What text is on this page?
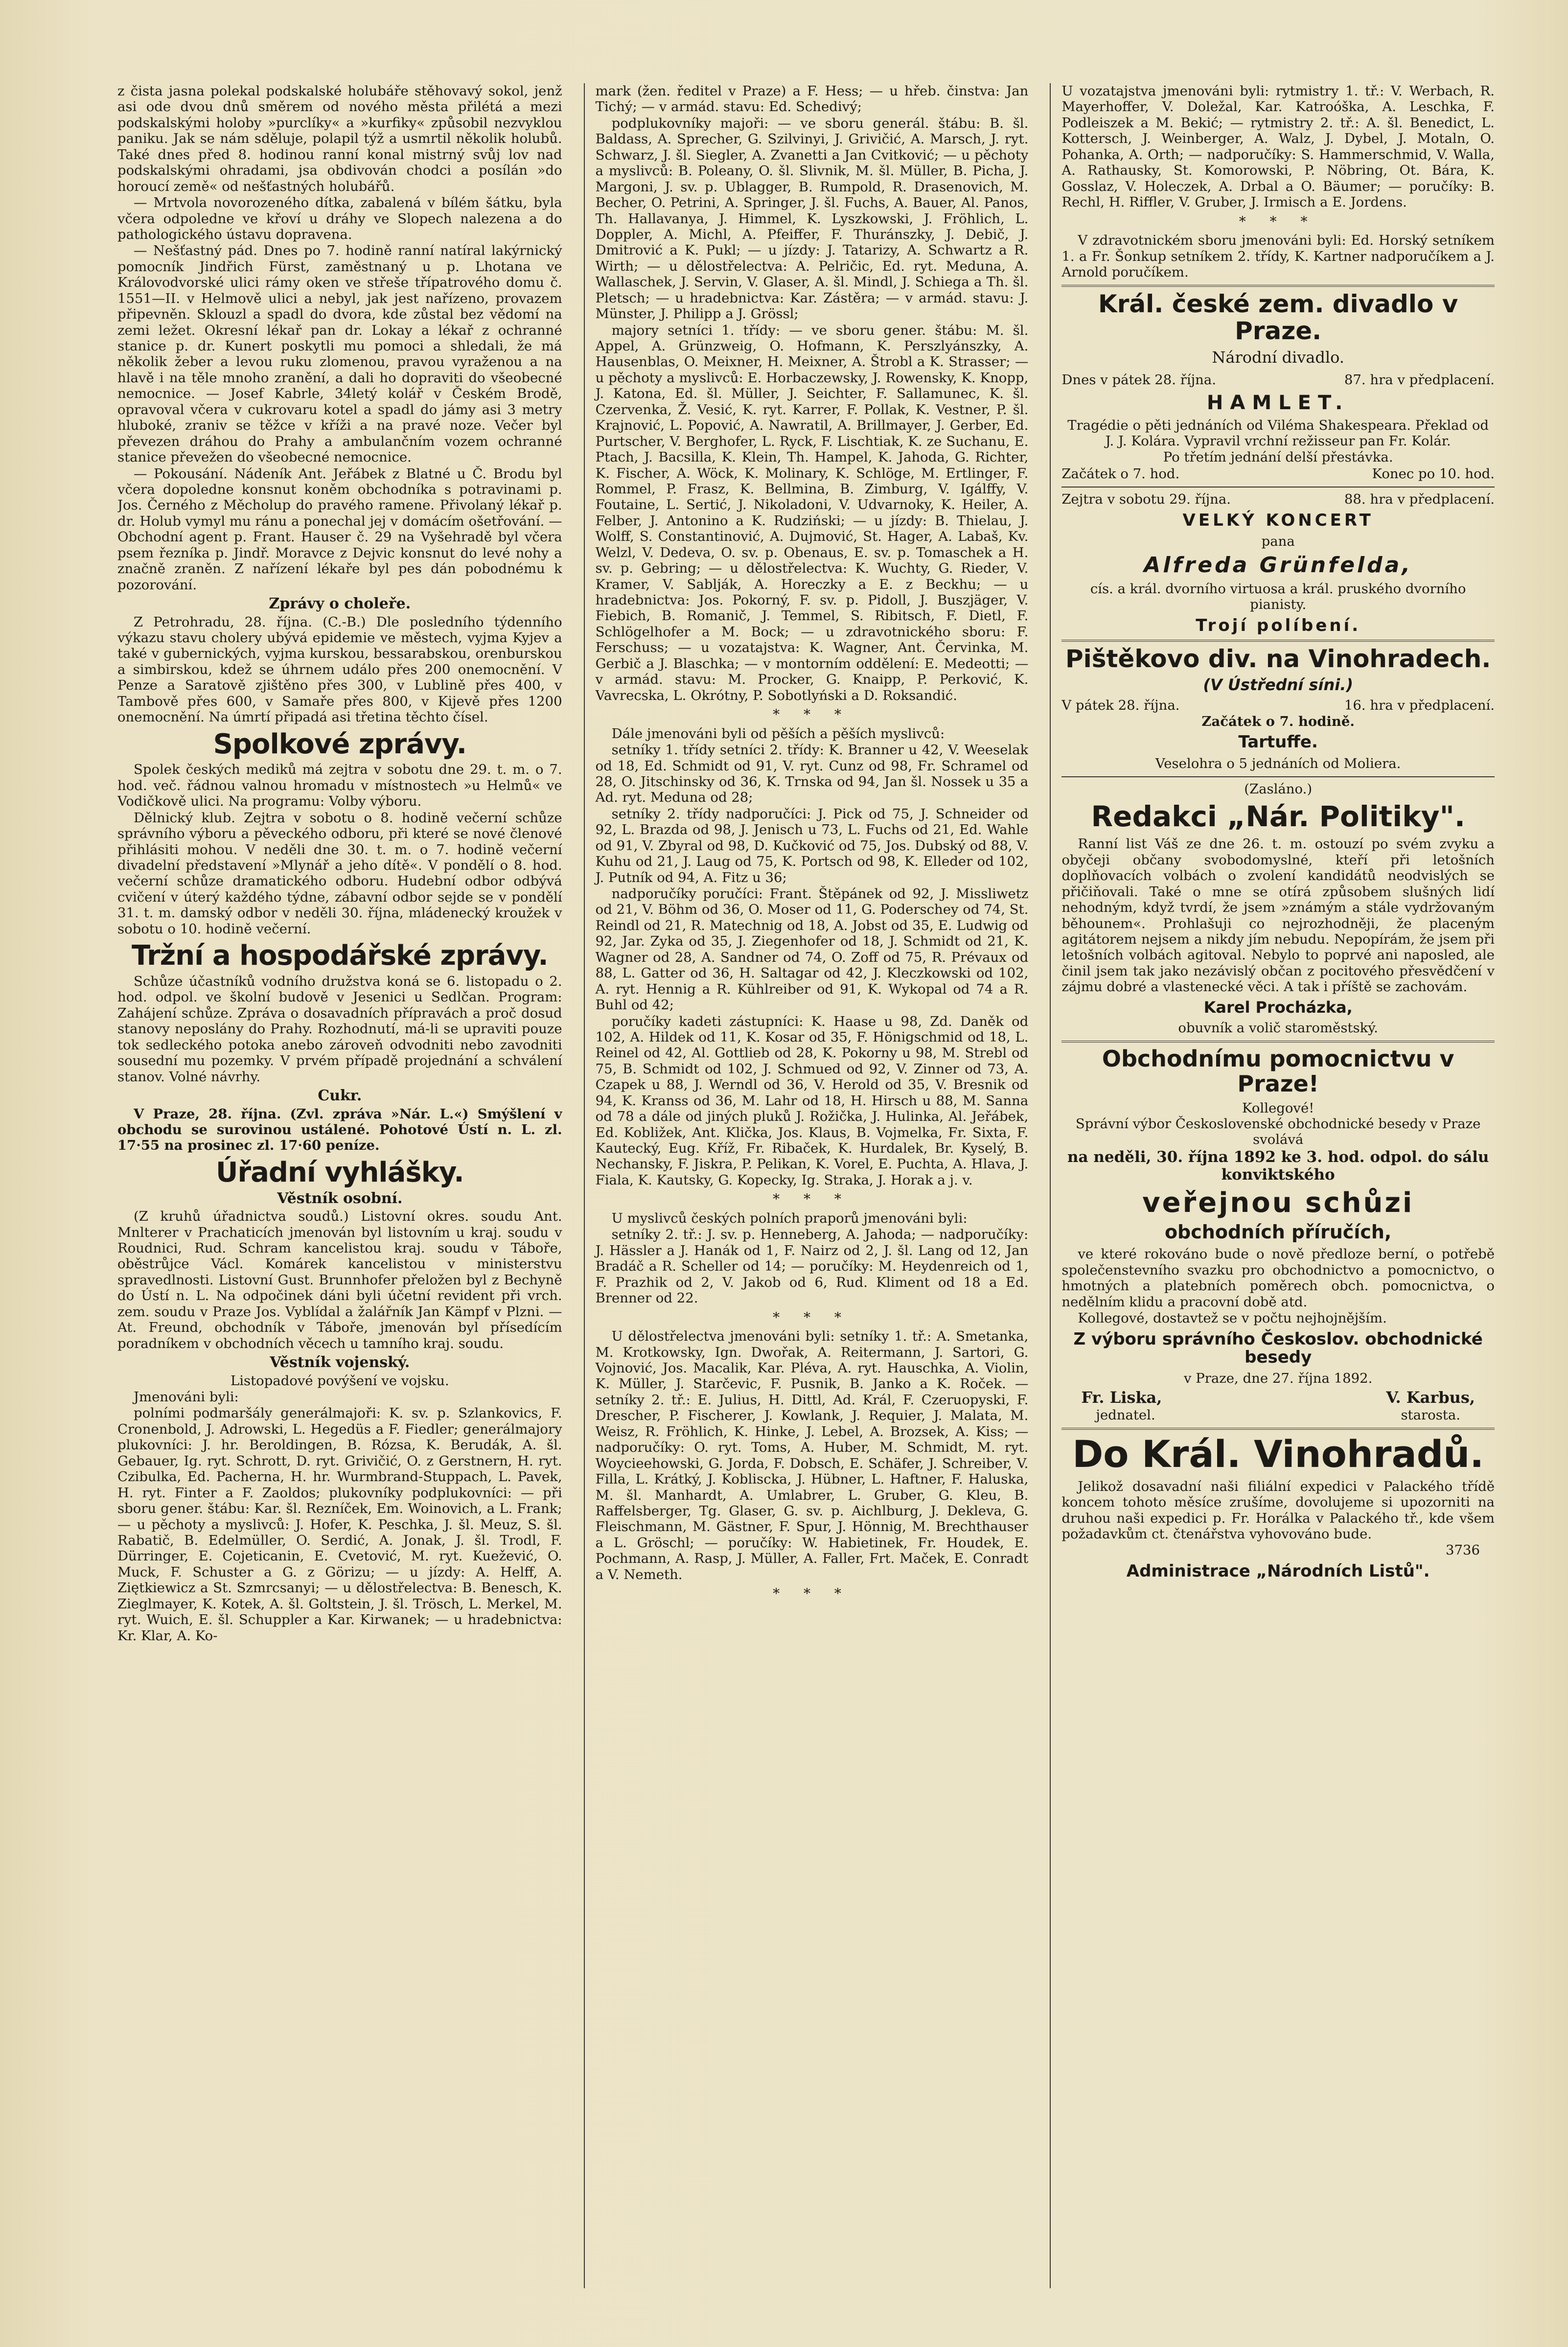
z čista jasna polekal podskalské holubáře stěhovavý sokol, jenž asi ode dvou dnů směrem od nového města přilétá a mezi podskalskými holoby »purclíky« a »kurfiky« způsobil nezvyklou paniku. Jak se nám sděluje, polapil týž a usmrtil několik holubů. Také dnes před 8. hodinou ranní konal mistrný svůj lov nad podskalskými ohradami, jsa obdivován chodci a posílán »do horoucí země« od nešťastných holubářů.

— Mrtvola novorozeného dítka, zabalená v bílém šátku, byla včera odpoledne ve křoví u dráhy ve Slopech nalezena a do pathologického ústavu dopravena.

— Nešťastný pád. Dnes po 7. hodině ranní natíral lakýrnický pomocník Jindřich Fürst, zaměstnaný u p. Lhotana ve Královodvorské ulici rámy oken ve střeše třípatrového domu č. 1551—II. v Helmově ulici a nebyl, jak jest nařízeno, provazem připevněn. Sklouzl a spadl do dvora, kde zůstal bez vědomí na zemi ležet. Okresní lékař pan dr. Lokay a lékař z ochranné stanice p. dr. Kunert poskytli mu pomoci a shledali, že má několik žeber a levou ruku zlomenou, pravou vyraženou a na hlavě i na těle mnoho zranění, a dali ho dopraviti do všeobecné nemocnice. — Josef Kabrle, 34letý kolář v Českém Brodě, opravoval včera v cukrovaru kotel a spadl do jámy asi 3 metry hluboké, zraniv se těžce v kříži a na pravé noze. Večer byl převezen dráhou do Prahy a ambulančním vozem ochranné stanice převežen do všeobecné nemocnice.

— Pokousání. Nádeník Ant. Jeřábek z Blatné u Č. Brodu byl včera dopoledne konsnut koněm obchodníka s potravinami p. Jos. Černého z Měcholup do pravého ramene. Přivolaný lékař p. dr. Holub vymyl mu ránu a ponechal jej v domácím ošetřování. — Obchodní agent p. Frant. Hauser č. 29 na Vyšehradě byl včera psem řezníka p. Jindř. Moravce z Dejvic konsnut do levé nohy a značně zraněn. Z nařízení lékaře byl pes dán pobodnému k pozorování.

Zprávy o choleře.

Z Petrohradu, 28. října. (C.-B.) Dle posledního týdenního výkazu stavu cholery ubývá epidemie ve městech, vyjma Kyjev a také v gubernických, vyjma kurskou, bessarabskou, orenburskou a simbirskou, kdež se úhrnem událo přes 200 onemocnění. V Penze a Saratově zjištěno přes 300, v Lublině přes 400, v Tambově přes 600, v Samaře přes 800, v Kijevě přes 1200 onemocnění. Na úmrtí připadá asi třetina těchto čísel.

Spolkové zprávy.

Spolek českých mediků má zejtra v sobotu dne 29. t. m. o 7. hod. več. řádnou valnou hromadu v místnostech »u Helmů« ve Vodičkově ulici. Na programu: Volby výboru.

Dělnický klub. Zejtra v sobotu o 8. hodině večerní schůze správního výboru a pěveckého odboru, při které se nové členové přihlásiti mohou. V neděli dne 30. t. m. o 7. hodině večerní divadelní představení »Mlynář a jeho dítě«. V pondělí o 8. hod. večerní schůze dramatického odboru. Hudební odbor odbývá cvičení v úterý každého týdne, zábavní odbor sejde se v pondělí 31. t. m. damský odbor v neděli 30. října, mládenecký kroužek v sobotu o 10. hodině večerní.

Tržní a hospodářské zprávy.

Schůze účastníků vodního družstva koná se 6. listopadu o 2. hod. odpol. ve školní budově v Jesenici u Sedlčan. Program: Zahájení schůze. Zpráva o dosavadních přípravách a proč dosud stanovy neposlány do Prahy. Rozhodnutí, má-li se upraviti pouze tok sedleckého potoka anebo zároveň odvodniti nebo zavodniti sousední mu pozemky. V prvém případě projednání a schválení stanov. Volné návrhy.

Cukr.

V Praze, 28. října. (Zvl. zpráva »Nár. L.«) Smýšlení v obchodu se surovinou ustálené. Pohotové Ústí n. L. zl. 17·55 na prosinec zl. 17·60 peníze.

Úřadní vyhlášky.
Věstník osobní.

(Z kruhů úřadnictva soudů.) Listovní okres. soudu Ant. Mnlterer v Prachaticích jmenován byl listovním u kraj. soudu v Roudnici, Rud. Schram kancelistou kraj. soudu v Táboře, oběstrůjce Václ. Komárek kancelistou v ministerstvu spravedlnosti. Listovní Gust. Brunnhofer přeložen byl z Bechyně do Ústí n. L. Na odpočinek dáni byli účetní revident při vrch. zem. soudu v Praze Jos. Vyblídal a žalářník Jan Kämpf v Plzni. — At. Freund, obchodník v Táboře, jmenován byl přísedícím poradníkem v obchodních věcech u tamního kraj. soudu.

Věstník vojenský.

Listopadové povýšení ve vojsku.

Jmenováni byli:

polními podmaršály generálmajoři: K. sv. p. Szlankovics, F. Cronenbold, J. Adrowski, L. Hegedüs a F. Fiedler; generálmajory plukovníci: J. hr. Beroldingen, B. Rózsa, K. Berudák, A. šl. Gebauer, Ig. ryt. Schrott, D. ryt. Grivičić, O. z Gerstnern, H. ryt. Czibulka, Ed. Pacherna, H. hr. Wurmbrand-Stuppach, L. Pavek, H. ryt. Finter a F. Zaoldos; plukovníky podplukovníci: — při sboru gener. štábu: Kar. šl. Rezníček, Em. Woinovich, a L. Frank; — u pěchoty a myslivců: J. Hofer, K. Peschka, J. šl. Meuz, S. šl. Rabatič, B. Edelmüller, O. Serdić, A. Jonak, J. šl. Trodl, F. Dürringer, E. Cojeticanin, E. Cvetović, M. ryt. Kuežević, O. Muck, F. Schuster a G. z Görizu; — u jízdy: A. Helff, A. Ziętkiewicz a St. Szmrcsanyi; — u dělostřelectva: B. Benesch, K. Zieglmayer, K. Kotek, A. šl. Goltstein, J. šl. Trösch, L. Merkel, M. ryt. Wuich, E. šl. Schuppler a Kar. Kirwanek; — u hradebnictva: Kr. Klar, A. Ko-

mark (žen. ředitel v Praze) a F. Hess; — u hřeb. činstva: Jan Tichý; — v armád. stavu: Ed. Schedivý;

podplukovníky majoři: — ve sboru generál. štábu: B. šl. Baldass, A. Sprecher, G. Szilvinyi, J. Grivičić, A. Marsch, J. ryt. Schwarz, J. šl. Siegler, A. Zvanetti a Jan Cvitković; — u pěchoty a myslivců: B. Poleany, O. šl. Slivnik, M. šl. Müller, B. Picha, J. Margoni, J. sv. p. Ublagger, B. Rumpold, R. Drasenovich, M. Becher, O. Petrini, A. Springer, J. šl. Fuchs, A. Bauer, Al. Panos, Th. Hallavanya, J. Himmel, K. Lyszkowski, J. Fröhlich, L. Doppler, A. Michl, A. Pfeiffer, F. Thuránszky, J. Debič, J. Dmitrović a K. Pukl; — u jízdy: J. Tatarizy, A. Schwartz a R. Wirth; — u dělostřelectva: A. Pelričic, Ed. ryt. Meduna, A. Wallaschek, J. Servin, V. Glaser, A. šl. Mindl, J. Schiega a Th. šl. Pletsch; — u hradebnictva: Kar. Zástěra; — v armád. stavu: J. Münster, J. Philipp a J. Grössl;

majory setníci 1. třídy: — ve sboru gener. štábu: M. šl. Appel, A. Grünzweig, O. Hofmann, K. Perszlyánszky, A. Hausenblas, O. Meixner, H. Meixner, A. Štrobl a K. Strasser; — u pěchoty a myslivců: E. Horbaczewsky, J. Rowensky, K. Knopp, J. Katona, Ed. šl. Müller, J. Seichter, F. Sallamunec, K. šl. Czervenka, Ž. Vesić, K. ryt. Karrer, F. Pollak, K. Vestner, P. šl. Krajnović, L. Popović, A. Nawratil, A. Brillmayer, J. Gerber, Ed. Purtscher, V. Berghofer, L. Ryck, F. Lischtiak, K. ze Suchanu, E. Ptach, J. Bacsilla, K. Klein, Th. Hampel, K. Jahoda, G. Richter, K. Fischer, A. Wöck, K. Molinary, K. Schlöge, M. Ertlinger, F. Rommel, P. Frasz, K. Bellmina, B. Zimburg, V. Igálffy, V. Foutaine, L. Sertić, J. Nikoladoni, V. Udvarnoky, K. Heiler, A. Felber, J. Antonino a K. Rudziński; — u jízdy: B. Thielau, J. Wolff, S. Constantinović, A. Dujmović, St. Hager, A. Labaš, Kv. Welzl, V. Dedeva, O. sv. p. Obenaus, E. sv. p. Tomaschek a H. sv. p. Gebring; — u dělostřelectva: K. Wuchty, G. Rieder, V. Kramer, V. Sablják, A. Horeczky a E. z Beckhu; — u hradebnictva: Jos. Pokorný, F. sv. p. Pidoll, J. Buszjäger, V. Fiebich, B. Romanič, J. Temmel, S. Ribitsch, F. Dietl, F. Schlögelhofer a M. Bock; — u zdravotnického sboru: F. Ferschuss; — u vozatajstva: K. Wagner, Ant. Červinka, M. Gerbič a J. Blaschka; — v montorním oddělení: E. Medeotti; — v armád. stavu: M. Procker, G. Knaipp, P. Perković, K. Vavrecska, L. Okrótny, P. Sobotlyński a D. Roksandić.

* * *

Dále jmenováni byli od pěších a pěších myslivců:

setníky 1. třídy setníci 2. třídy: K. Branner u 42, V. Weeselak od 18, Ed. Schmidt od 91, V. ryt. Cunz od 98, Fr. Schramel od 28, O. Jitschinsky od 36, K. Trnska od 94, Jan šl. Nossek u 35 a Ad. ryt. Meduna od 28;

setníky 2. třídy nadporučíci: J. Pick od 75, J. Schneider od 92, L. Brazda od 98, J. Jenisch u 73, L. Fuchs od 21, Ed. Wahle od 91, V. Zbyral od 98, D. Kučković od 75, Jos. Dubský od 88, V. Kuhu od 21, J. Laug od 75, K. Portsch od 98, K. Elleder od 102, J. Putník od 94, A. Fitz u 36;

nadporučíky poručíci: Frant. Štěpánek od 92, J. Missliwetz od 21, V. Böhm od 36, O. Moser od 11, G. Poderschey od 74, St. Reindl od 21, R. Matechnig od 18, A. Jobst od 35, E. Ludwig od 92, Jar. Zyka od 35, J. Ziegenhofer od 18, J. Schmidt od 21, K. Wagner od 28, A. Sandner od 74, O. Zoff od 75, R. Prévaux od 88, L. Gatter od 36, H. Saltagar od 42, J. Kleczkowski od 102, A. ryt. Hennig a R. Kühlreiber od 91, K. Wykopal od 74 a R. Buhl od 42;

poručíky kadeti zástupníci: K. Haase u 98, Zd. Daněk od 102, A. Hildek od 11, K. Kosar od 35, F. Hönigschmid od 18, L. Reinel od 42, Al. Gottlieb od 28, K. Pokorny u 98, M. Strebl od 75, B. Schmidt od 102, J. Schmued od 92, V. Zinner od 73, A. Czapek u 88, J. Werndl od 36, V. Herold od 35, V. Bresnik od 94, K. Kranss od 36, M. Lahr od 18, H. Hirsch u 88, M. Sanna od 78 a dále od jiných pluků J. Rožička, J. Hulinka, Al. Jeřábek, Ed. Kobližek, Ant. Klička, Jos. Klaus, B. Vojmelka, Fr. Sixta, F. Kautecký, Eug. Kříž, Fr. Ribaček, K. Hurdalek, Br. Kyselý, B. Nechansky, F. Jiskra, P. Pelikan, K. Vorel, E. Puchta, A. Hlava, J. Fiala, K. Kautsky, G. Kopecky, Ig. Straka, J. Horak a j. v.

* * *

U myslivců českých polních praporů jmenováni byli:

setníky 2. tř.: J. sv. p. Henneberg, A. Jahoda; — nadporučíky: J. Hässler a J. Hanák od 1, F. Nairz od 2, J. šl. Lang od 12, Jan Bradáč a R. Scheller od 14; — poručíky: M. Heydenreich od 1, F. Prazhik od 2, V. Jakob od 6, Rud. Kliment od 18 a Ed. Brenner od 22.

* * *

U dělostřelectva jmenováni byli: setníky 1. tř.: A. Smetanka, M. Krotkowsky, Ign. Dwořak, A. Reitermann, J. Sartori, G. Vojnović, Jos. Macalik, Kar. Pléva, A. ryt. Hauschka, A. Violin, K. Müller, J. Starčevic, F. Pusnik, B. Janko a K. Roček. — setníky 2. tř.: E. Julius, H. Dittl, Ad. Král, F. Czeruopyski, F. Drescher, P. Fischerer, J. Kowlank, J. Requier, J. Malata, M. Weisz, R. Fröhlich, K. Hinke, J. Lebel, A. Brozsek, A. Kiss; — nadporučíky: O. ryt. Toms, A. Huber, M. Schmidt, M. ryt. Woycieehowski, G. Jorda, F. Dobsch, E. Schäfer, J. Schreiber, V. Filla, L. Krátký, J. Kobliscka, J. Hübner, L. Haftner, F. Haluska, M. šl. Manhardt, A. Umlabrer, L. Gruber, G. Kleu, B. Raffelsberger, Tg. Glaser, G. sv. p. Aichlburg, J. Dekleva, G. Fleischmann, M. Gästner, F. Spur, J. Hönnig, M. Brechthauser a L. Gröschl; — poručíky: W. Habietinek, Fr. Houdek, E. Pochmann, A. Rasp, J. Müller, A. Faller, Frt. Maček, E. Conradt a V. Nemeth.

* * *

U vozatajstva jmenováni byli: rytmistry 1. tř.: V. Werbach, R. Mayerhoffer, V. Doležal, Kar. Katroóška, A. Leschka, F. Podleiszek a M. Bekić; — rytmistry 2. tř.: A. šl. Benedict, L. Kottersch, J. Weinberger, A. Walz, J. Dybel, J. Motaln, O. Pohanka, A. Orth; — nadporučíky: S. Hammerschmid, V. Walla, A. Rathausky, St. Komorowski, P. Nöbring, Ot. Bára, K. Gosslaz, V. Holeczek, A. Drbal a O. Bäumer; — poručíky: B. Rechl, H. Riffler, V. Gruber, J. Irmisch a E. Jordens.

* * *

V zdravotnickém sboru jmenováni byli: Ed. Horský setníkem 1. a Fr. Šonkup setníkem 2. třídy, K. Kartner nadporučíkem a J. Arnold poručíkem.

Král. české zem. divadlo v Praze.
Národní divadlo.
Dnes v pátek 28. října.	87. hra v předplacení.
HAMLET.

Tragédie o pěti jednáních od Viléma Shakespeara. Překlad od J. J. Kolára. Vypravil vrchní režisseur pan Fr. Kolár.

Po třetím jednání delší přestávka.

Začátek o 7. hod.	Konec po 10. hod.
Zejtra v sobotu 29. října.	88. hra v předplacení.
VELKÝ KONCERT
pana
Alfreda Grünfelda,

cís. a král. dvorního virtuosa a král. pruského dvorního pianisty.

Trojí políbení.
Pištěkovo div. na Vinohradech.
(V Ústřední síni.)
V pátek 28. října.	16. hra v předplacení.
Začátek o 7. hodině.
Tartuffe.
Veselohra o 5 jednáních od Moliera.
(Zasláno.)
Redakci „Nár. Politiky".

Ranní list Váš ze dne 26. t. m. ostouzí po svém zvyku a obyčeji občany svobodomyslné, kteří při letošních doplňovacích volbách o zvolení kandidátů neodvislých se přičiňovali. Také o mne se otírá způsobem slušných lidí nehodným, když tvrdí, že jsem »známým a stále vydržovaným běhounem«. Prohlašuji co nejrozhodněji, že placeným agitátorem nejsem a nikdy jím nebudu. Nepopírám, že jsem při letošních volbách agitoval. Nebylo to poprvé ani naposled, ale činil jsem tak jako nezávislý občan z pocitového přesvědčení v zájmu dobré a vlastenecké věci. A tak i příště se zachovám.

Karel Procházka,
obuvník a volič staroměstský.
Obchodnímu pomocnictvu v Praze!
Kollegové!

Správní výbor Československé obchodnické besedy v Praze svolává

na neděli, 30. října 1892 ke 3. hod. odpol. do sálu konviktského
veřejnou schůzi
obchodních příručích,

ve které rokováno bude o nově předloze berní, o potřebě společenstevního svazku pro obchodnictvo a pomocnictvo, o hmotných a platebních poměrech obch. pomocnictva, o nedělním klidu a pracovní době atd.

Kollegové, dostavtež se v počtu nejhojnějším.

Z výboru správního Českoslov. obchodnické besedy
v Praze, dne 27. října 1892.
Fr. Liska,	V. Karbus,
jednatel.	starosta.
Do Král. Vinohradů.

Jelikož dosavadní naši filiální expedici v Palackého třídě koncem tohoto měsíce zrušíme, dovolujeme si upozorniti na druhou naši expedici p. Fr. Horálka v Palackého tř., kde všem požadavkům ct. čtenářstva vyhovováno bude.

3736
Administrace „Národních Listů".
